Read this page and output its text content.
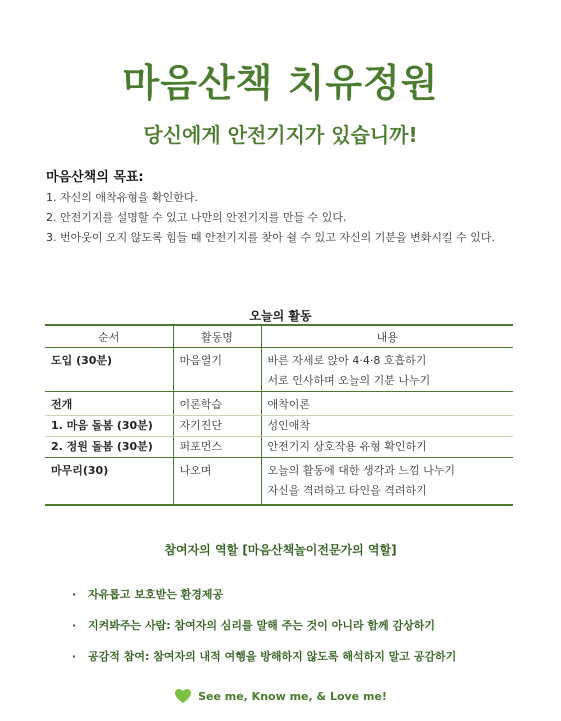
마음산책 치유정원
당신에게 안전기지가 있습니까!
마음산책의 목표:
1. 자신의 애착유형을 확인한다.
2. 안전기지를 설명할 수 있고 나만의 안전기지를 만들 수 있다.
3. 번아웃이 오지 않도록 힘들 때 안전기지를 찾아 쉴 수 있고 자신의 기분을 변화시킬 수 있다.
오늘의 활동
순서	활동명	내용
도입 (30분)	마음열기	바른 자세로 앉아 4·4·8 호흡하기
서로 인사하며 오늘의 기분 나누기

전개	이론학습	애착이론
1. 마음 돌봄 (30분)	자기진단	성인애착
2. 정원 돌봄 (30분)	퍼포먼스	안전기지 상호작용 유형 확인하기
마무리(30)	나오며	오늘의 활동에 대한 생각과 느낌 나누기
자신을 격려하고 타인을 격려하기
참여자의 역할 [마음산책놀이전문가의 역할]
· 자유롭고 보호받는 환경제공
· 지켜봐주는 사람: 참여자의 심리를 말해 주는 것이 아니라 함께 감상하기
· 공감적 참여: 참여자의 내적 여행을 방해하지 않도록 해석하지 말고 공감하기
See me, Know me, & Love me!
